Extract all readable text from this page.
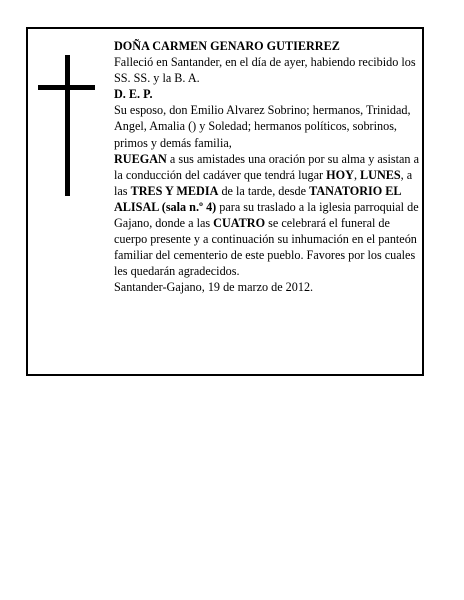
DOÑA CARMEN GENARO GUTIERREZ

Falleció en Santander, en el día de ayer, habiendo recibido los SS. SS. y la B. A.

D. E. P.

Su esposo, don Emilio Alvarez Sobrino; hermanos, Trinidad, Angel, Amalia () y Soledad; hermanos políticos, sobrinos, primos y demás familia,

RUEGAN a sus amistades una oración por su alma y asistan a la conducción del cadáver que tendrá lugar HOY, LUNES, a las TRES Y MEDIA de la tarde, desde TANATORIO EL ALISAL (sala n.º 4) para su traslado a la iglesia parroquial de Gajano, donde a las CUATRO se celebrará el funeral de cuerpo presente y a continuación su inhumación en el panteón familiar del cementerio de este pueblo. Favores por los cuales les quedarán agradecidos.

Santander-Gajano, 19 de marzo de 2012.
